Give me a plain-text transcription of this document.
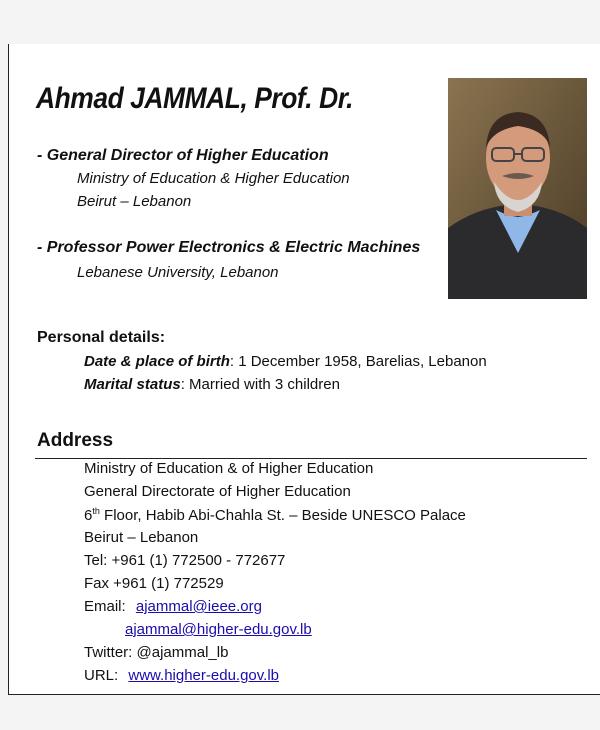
Ahmad JAMMAL, Prof. Dr.
- General Director of Higher Education
Ministry of Education & Higher Education
Beirut – Lebanon
- Professor Power Electronics & Electric Machines
Lebanese University, Lebanon
Personal details:
Date & place of birth: 1 December 1958, Barelias, Lebanon
Marital status: Married with 3 children
Address
Ministry of Education & of Higher Education
General Directorate of Higher Education
6th Floor, Habib Abi-Chahla St. – Beside UNESCO Palace
Beirut – Lebanon
Tel: +961 (1) 772500 - 772677
Fax +961 (1) 772529
Email: ajammal@ieee.org
ajammal@higher-edu.gov.lb
Twitter: @ajammal_lb
URL: www.higher-edu.gov.lb
